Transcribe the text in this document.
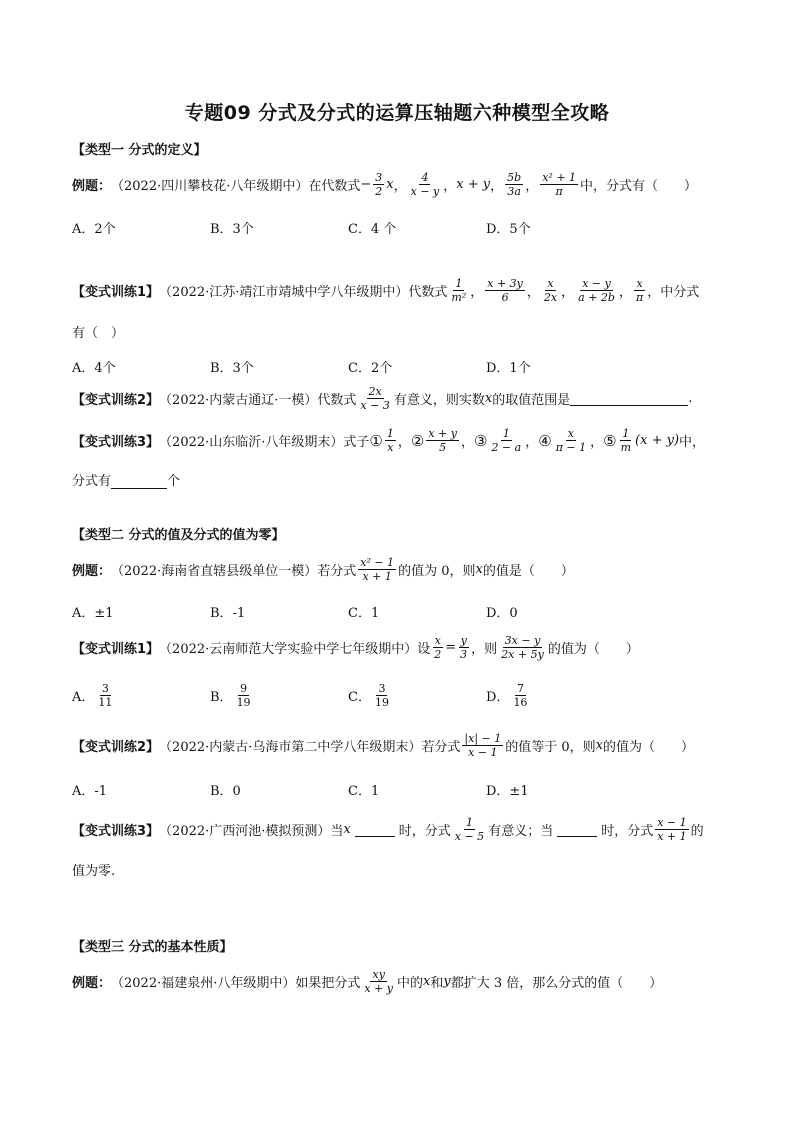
专题09 分式及分式的运算压轴题六种模型全攻略
【类型一 分式的定义】
例题： （2022·四川攀枝花·八年级期中）在代数式 − $\frac{3}{2}$ x ， $\frac{4}{x - y}$ ， x + y ， $\frac{5b}{3a}$ ， $\frac{\text{x² + 1}}{\pi}$ 中，分式有（　　）
A．2个	B．3个	C．4 个	D．5个
【变式训练1】 （2022·江苏·靖江市靖城中学八年级期中）代数式 $\frac{1}{\text{m²}}$ ， $\frac{x + 3y}{6}$ ， $\frac{x}{2x}$ ， $\frac{x - y}{a + 2b}$ ， $\frac{x}{\pi}$ ，中分式
有（　）
A．4个	B．3个	C．2个	D．1个
【变式训练2】 （2022·内蒙古通辽·一模）代数式 $\frac{2x}{x - 3}$ 有意义，则实数 x 的取值范围是	.
【变式训练3】 （2022·山东临沂·八年级期末）式子 ① $\frac{1}{x}$ ， ② $\frac{x + y}{5}$ ， ③ $\frac{1}{2 - a}$ ， ④ $\frac{x}{\pi - 1}$ ， ⑤ $\frac{1}{m} (x + y)$ 中，
分式有	个
【类型二 分式的值及分式的值为零】
例题： （2022·海南省直辖县级单位一模）若分式 $\frac{\text{x² − 1}}{x + 1}$ 的值为 0，则 x 的值是（　　）
A．±1	B．-1	C．1	D．0
【变式训练1】 （2022·云南师范大学实验中学七年级期中）设 $\frac{x}{2} = \frac{y}{3}$ ，则 $\frac{3x - y}{2x + 5y}$ 的值为（　　）
A． $\frac{3}{11}$	B． $\frac{9}{19}$	C． $\frac{3}{19}$	D． $\frac{7}{16}$
【变式训练2】 （2022·内蒙古·乌海市第二中学八年级期末）若分式 $\frac{|x| - 1}{x - 1}$ 的值等于 0，则 x 的值为（　　）
A．-1	B．0	C．1	D．±1
【变式训练3】 （2022·广西河池·模拟预测）当 x	时，分式 $\frac{1}{x - 5}$ 有意义；当	时，分式 $\frac{x - 1}{x + 1}$ 的
值为零.
【类型三 分式的基本性质】
例题： （2022·福建泉州·八年级期中）如果把分式 $\frac{xy}{x + y}$ 中的 x 和 y 都扩大 3 倍，那么分式的值（　　）
